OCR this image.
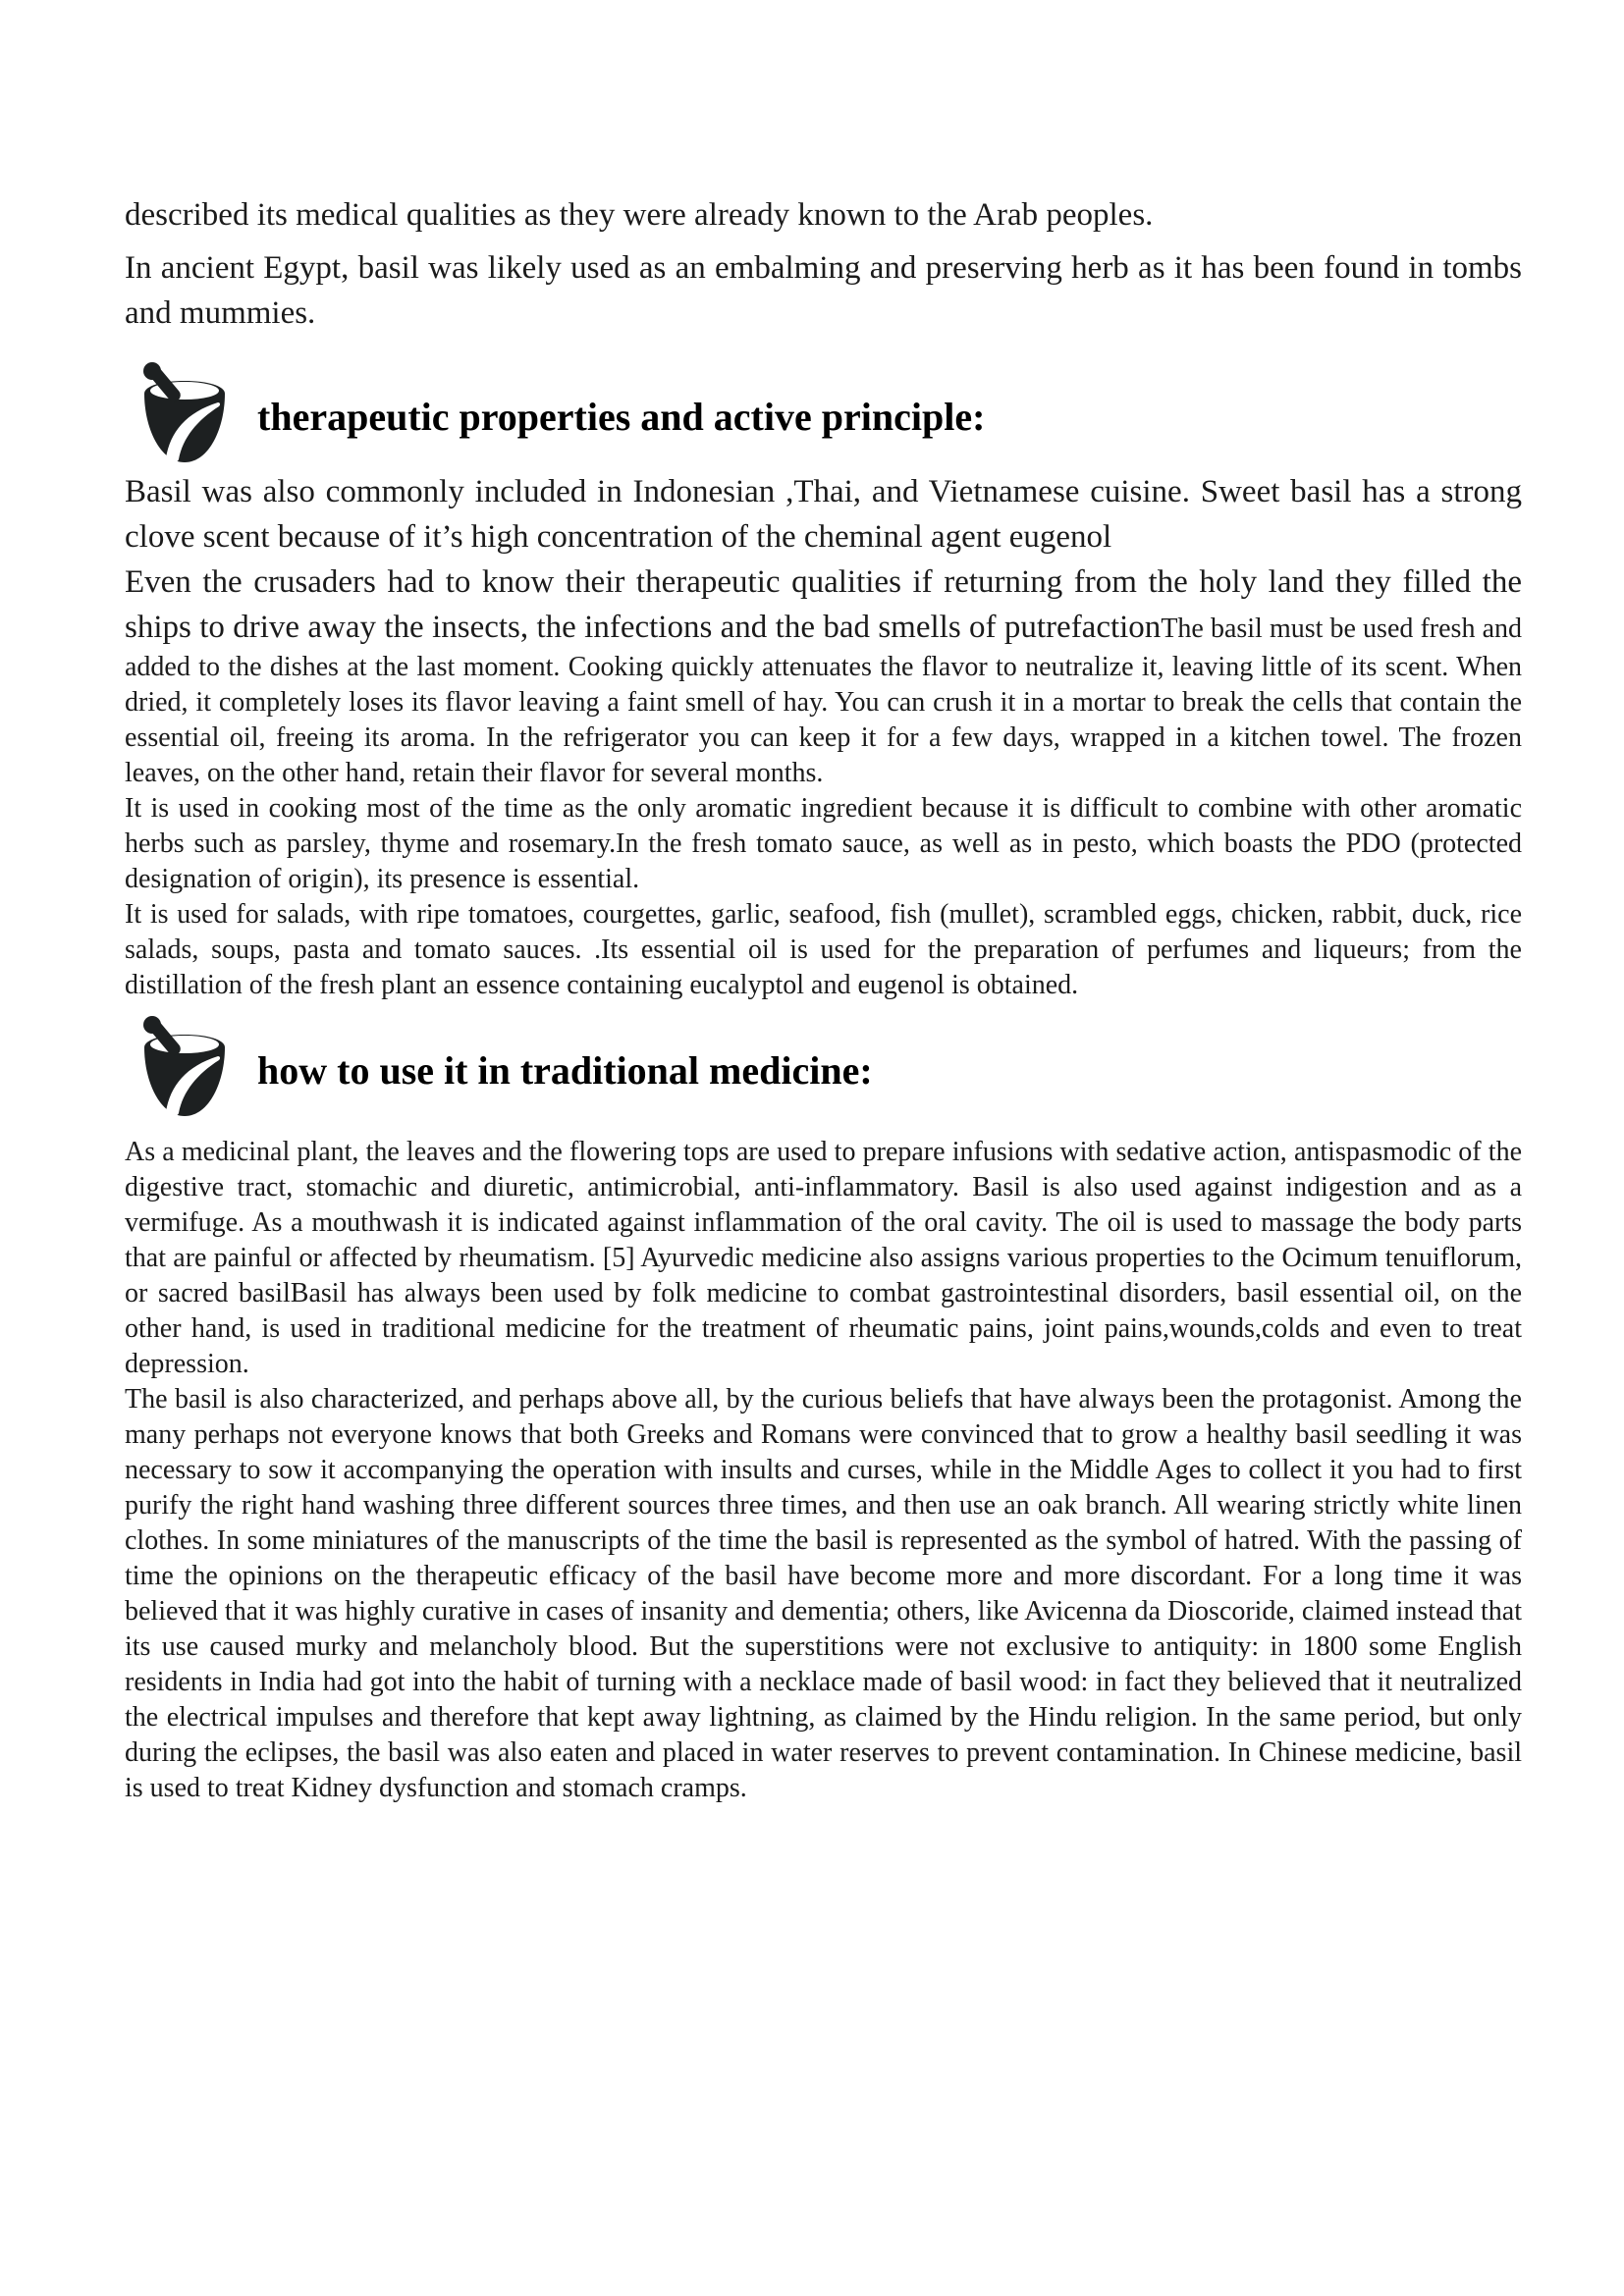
described its medical qualities as they were already known to the Arab peoples.

In ancient Egypt, basil was likely used as an embalming and preserving herb as it has been found in tombs and mummies.

therapeutic properties and active principle:

Basil was also commonly included in Indonesian ,Thai, and Vietnamese cuisine. Sweet basil has a strong clove scent because of it’s high concentration of the cheminal agent eugenol

Even the crusaders had to know their therapeutic qualities if returning from the holy land they filled the ships to drive away the insects, the infections and the bad smells of putrefactionThe basil must be used fresh and added to the dishes at the last moment. Cooking quickly attenuates the flavor to neutralize it, leaving little of its scent. When dried, it completely loses its flavor leaving a faint smell of hay. You can crush it in a mortar to break the cells that contain the essential oil, freeing its aroma. In the refrigerator you can keep it for a few days, wrapped in a kitchen towel. The frozen leaves, on the other hand, retain their flavor for several months.

It is used in cooking most of the time as the only aromatic ingredient because it is difficult to combine with other aromatic herbs such as parsley, thyme and rosemary.In the fresh tomato sauce, as well as in pesto, which boasts the PDO (protected designation of origin), its presence is essential.

It is used for salads, with ripe tomatoes, courgettes, garlic, seafood, fish (mullet), scrambled eggs, chicken, rabbit, duck, rice salads, soups, pasta and tomato sauces. .Its essential oil is used for the preparation of perfumes and liqueurs; from the distillation of the fresh plant an essence containing eucalyptol and eugenol is obtained.

how to use it in traditional medicine:

As a medicinal plant, the leaves and the flowering tops are used to prepare infusions with sedative action, antispasmodic of the digestive tract, stomachic and diuretic, antimicrobial, anti-inflammatory. Basil is also used against indigestion and as a vermifuge. As a mouthwash it is indicated against inflammation of the oral cavity. The oil is used to massage the body parts that are painful or affected by rheumatism. [5] Ayurvedic medicine also assigns various properties to the Ocimum tenuiflorum, or sacred basilBasil has always been used by folk medicine to combat gastrointestinal disorders, basil essential oil, on the other hand, is used in traditional medicine for the treatment of rheumatic pains, joint pains,wounds,colds and even to treat depression.

The basil is also characterized, and perhaps above all, by the curious beliefs that have always been the protagonist. Among the many perhaps not everyone knows that both Greeks and Romans were convinced that to grow a healthy basil seedling it was necessary to sow it accompanying the operation with insults and curses, while in the Middle Ages to collect it you had to first purify the right hand washing three different sources three times, and then use an oak branch. All wearing strictly white linen clothes. In some miniatures of the manuscripts of the time the basil is represented as the symbol of hatred. With the passing of time the opinions on the therapeutic efficacy of the basil have become more and more discordant. For a long time it was believed that it was highly curative in cases of insanity and dementia; others, like Avicenna da Dioscoride, claimed instead that its use caused murky and melancholy blood. But the superstitions were not exclusive to antiquity: in 1800 some English residents in India had got into the habit of turning with a necklace made of basil wood: in fact they believed that it neutralized the electrical impulses and therefore that kept away lightning, as claimed by the Hindu religion. In the same period, but only during the eclipses, the basil was also eaten and placed in water reserves to prevent contamination. In Chinese medicine, basil is used to treat Kidney dysfunction and stomach cramps.
